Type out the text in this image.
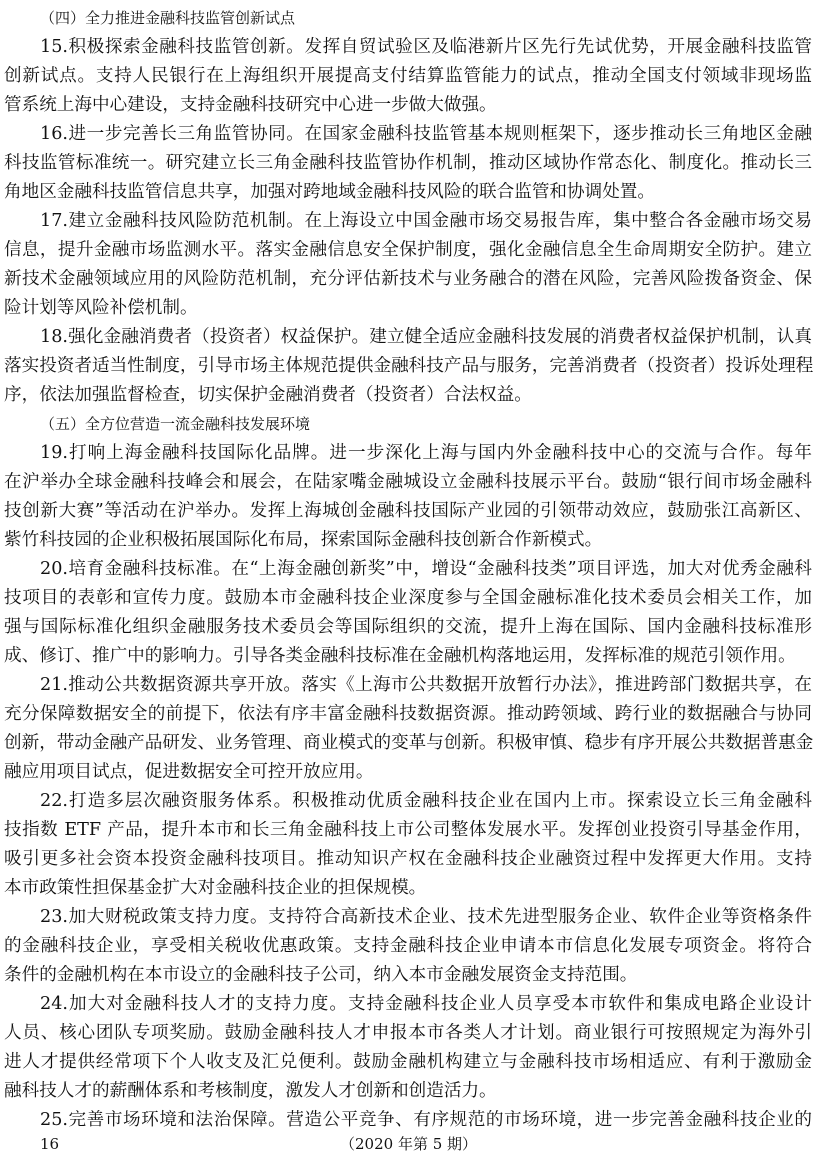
（四）全力推进金融科技监管创新试点
15.积极探索金融科技监管创新。发挥自贸试验区及临港新片区先行先试优势，开展金融科技监管
创新试点。支持人民银行在上海组织开展提高支付结算监管能力的试点，推动全国支付领域非现场监
管系统上海中心建设，支持金融科技研究中心进一步做大做强。
16.进一步完善长三角监管协同。在国家金融科技监管基本规则框架下，逐步推动长三角地区金融
科技监管标准统一。研究建立长三角金融科技监管协作机制，推动区域协作常态化、制度化。推动长三
角地区金融科技监管信息共享，加强对跨地域金融科技风险的联合监管和协调处置。
17.建立金融科技风险防范机制。在上海设立中国金融市场交易报告库，集中整合各金融市场交易
信息，提升金融市场监测水平。落实金融信息安全保护制度，强化金融信息全生命周期安全防护。建立
新技术金融领域应用的风险防范机制，充分评估新技术与业务融合的潜在风险，完善风险拨备资金、保
险计划等风险补偿机制。
18.强化金融消费者（投资者）权益保护。建立健全适应金融科技发展的消费者权益保护机制，认真
落实投资者适当性制度，引导市场主体规范提供金融科技产品与服务，完善消费者（投资者）投诉处理程
序，依法加强监督检查，切实保护金融消费者（投资者）合法权益。
（五）全方位营造一流金融科技发展环境
19.打响上海金融科技国际化品牌。进一步深化上海与国内外金融科技中心的交流与合作。每年
在沪举办全球金融科技峰会和展会，在陆家嘴金融城设立金融科技展示平台。鼓励“银行间市场金融科
技创新大赛”等活动在沪举办。发挥上海城创金融科技国际产业园的引领带动效应，鼓励张江高新区、
紫竹科技园的企业积极拓展国际化布局，探索国际金融科技创新合作新模式。
20.培育金融科技标准。在“上海金融创新奖”中，增设“金融科技类”项目评选，加大对优秀金融科
技项目的表彰和宣传力度。鼓励本市金融科技企业深度参与全国金融标准化技术委员会相关工作，加
强与国际标准化组织金融服务技术委员会等国际组织的交流，提升上海在国际、国内金融科技标准形
成、修订、推广中的影响力。引导各类金融科技标准在金融机构落地运用，发挥标准的规范引领作用。
21.推动公共数据资源共享开放。落实《上海市公共数据开放暂行办法》，推进跨部门数据共享，在
充分保障数据安全的前提下，依法有序丰富金融科技数据资源。推动跨领域、跨行业的数据融合与协同
创新，带动金融产品研发、业务管理、商业模式的变革与创新。积极审慎、稳步有序开展公共数据普惠金
融应用项目试点，促进数据安全可控开放应用。
22.打造多层次融资服务体系。积极推动优质金融科技企业在国内上市。探索设立长三角金融科
技指数 ETF 产品，提升本市和长三角金融科技上市公司整体发展水平。发挥创业投资引导基金作用，
吸引更多社会资本投资金融科技项目。推动知识产权在金融科技企业融资过程中发挥更大作用。支持
本市政策性担保基金扩大对金融科技企业的担保规模。
23.加大财税政策支持力度。支持符合高新技术企业、技术先进型服务企业、软件企业等资格条件
的金融科技企业，享受相关税收优惠政策。支持金融科技企业申请本市信息化发展专项资金。将符合
条件的金融机构在本市设立的金融科技子公司，纳入本市金融发展资金支持范围。
24.加大对金融科技人才的支持力度。支持金融科技企业人员享受本市软件和集成电路企业设计
人员、核心团队专项奖励。鼓励金融科技人才申报本市各类人才计划。商业银行可按照规定为海外引
进人才提供经常项下个人收支及汇兑便利。鼓励金融机构建立与金融科技市场相适应、有利于激励金
融科技人才的薪酬体系和考核制度，激发人才创新和创造活力。
25.完善市场环境和法治保障。营造公平竞争、有序规范的市场环境，进一步完善金融科技企业的
16	（2020 年第 5 期）
